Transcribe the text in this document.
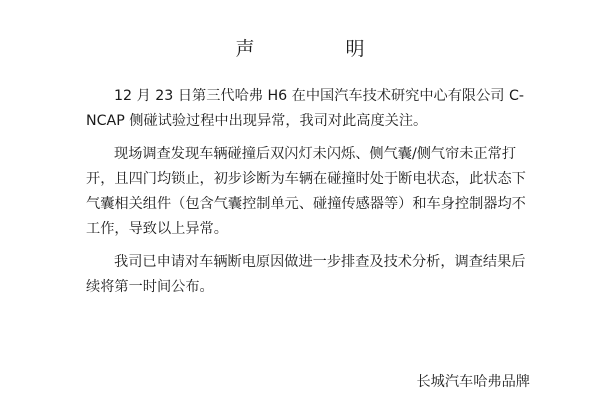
声　明

12 月 23 日第三代哈弗 H6 在中国汽车技术研究中心有限公司 C-NCAP 侧碰试验过程中出现异常，我司对此高度关注。

现场调查发现车辆碰撞后双闪灯未闪烁、侧气囊/侧气帘未正常打开，且四门均锁止，初步诊断为车辆在碰撞时处于断电状态，此状态下气囊相关组件（包含气囊控制单元、碰撞传感器等）和车身控制器均不工作，导致以上异常。

我司已申请对车辆断电原因做进一步排查及技术分析，调查结果后续将第一时间公布。

长城汽车哈弗品牌
